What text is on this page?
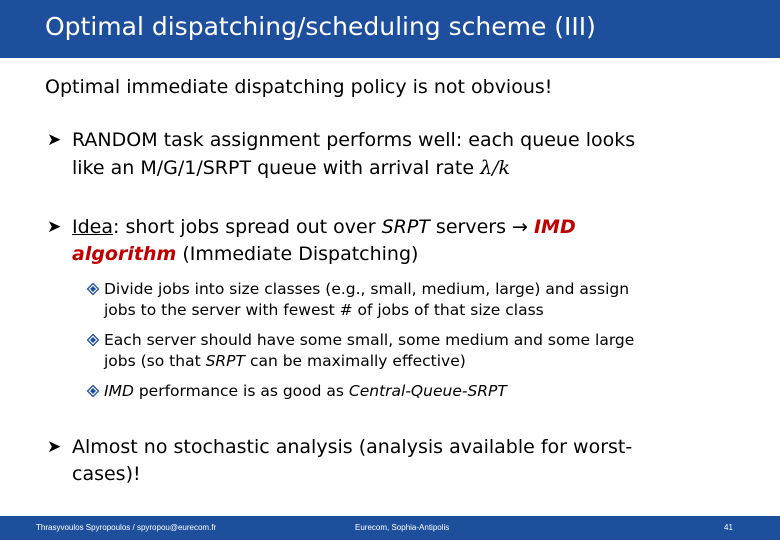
Optimal dispatching/scheduling scheme (III)
Optimal immediate dispatching policy is not obvious!
➤ RANDOM task assignment performs well: each queue looks
like an M/G/1/SRPT queue with arrival rate λ/k
➤ Idea: short jobs spread out over SRPT servers → IMD
algorithm (Immediate Dispatching)
Divide jobs into size classes (e.g., small, medium, large) and assign
jobs to the server with fewest # of jobs of that size class
Each server should have some small, some medium and some large
jobs (so that SRPT can be maximally effective)
IMD performance is as good as Central-Queue-SRPT
➤ Almost no stochastic analysis (analysis available for worst-
cases)!
Thrasyvoulos Spyropoulos / spyropou@eurecom.fr	Eurecom, Sophia-Antipolis	41
